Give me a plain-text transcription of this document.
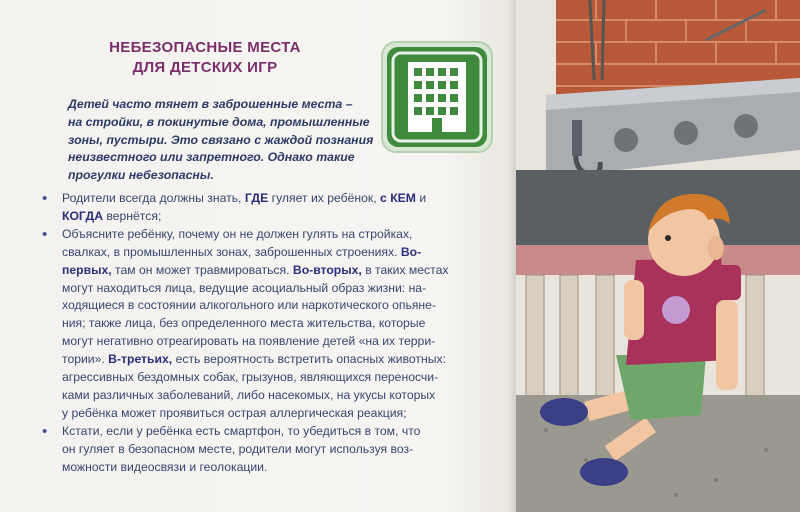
НЕБЕЗОПАСНЫЕ МЕСТА
ДЛЯ ДЕТСКИХ ИГР
Детей часто тянет в заброшенные места –
на стройки, в покинутые дома, промышленные
зоны, пустыри. Это связано с жаждой познания
неизвестного или запретного. Однако такие
прогулки небезопасны.
•	Родители всегда должны знать, ГДЕ гуляет их ребёнок, с КЕМ и
КОГДА вернётся;
•	Объясните ребёнку, почему он не должен гулять на стройках,
свалках, в промышленных зонах, заброшенных строениях. Во-
первых, там он может травмироваться. Во-вторых, в таких местах
могут находиться лица, ведущие асоциальный образ жизни: на-
ходящиеся в состоянии алкогольного или наркотического опьяне-
ния; также лица, без определенного места жительства, которые
могут негативно отреагировать на появление детей «на их терри-
тории». В-третьих, есть вероятность встретить опасных животных:
агрессивных бездомных собак, грызунов, являющихся переносчи-
ками различных заболеваний, либо насекомых, на укусы которых
у ребёнка может проявиться острая аллергическая реакция;
•	Кстати, если у ребёнка есть смартфон, то убедиться в том, что
он гуляет в безопасном месте, родители могут используя воз-
можности видеосвязи и геолокации.
